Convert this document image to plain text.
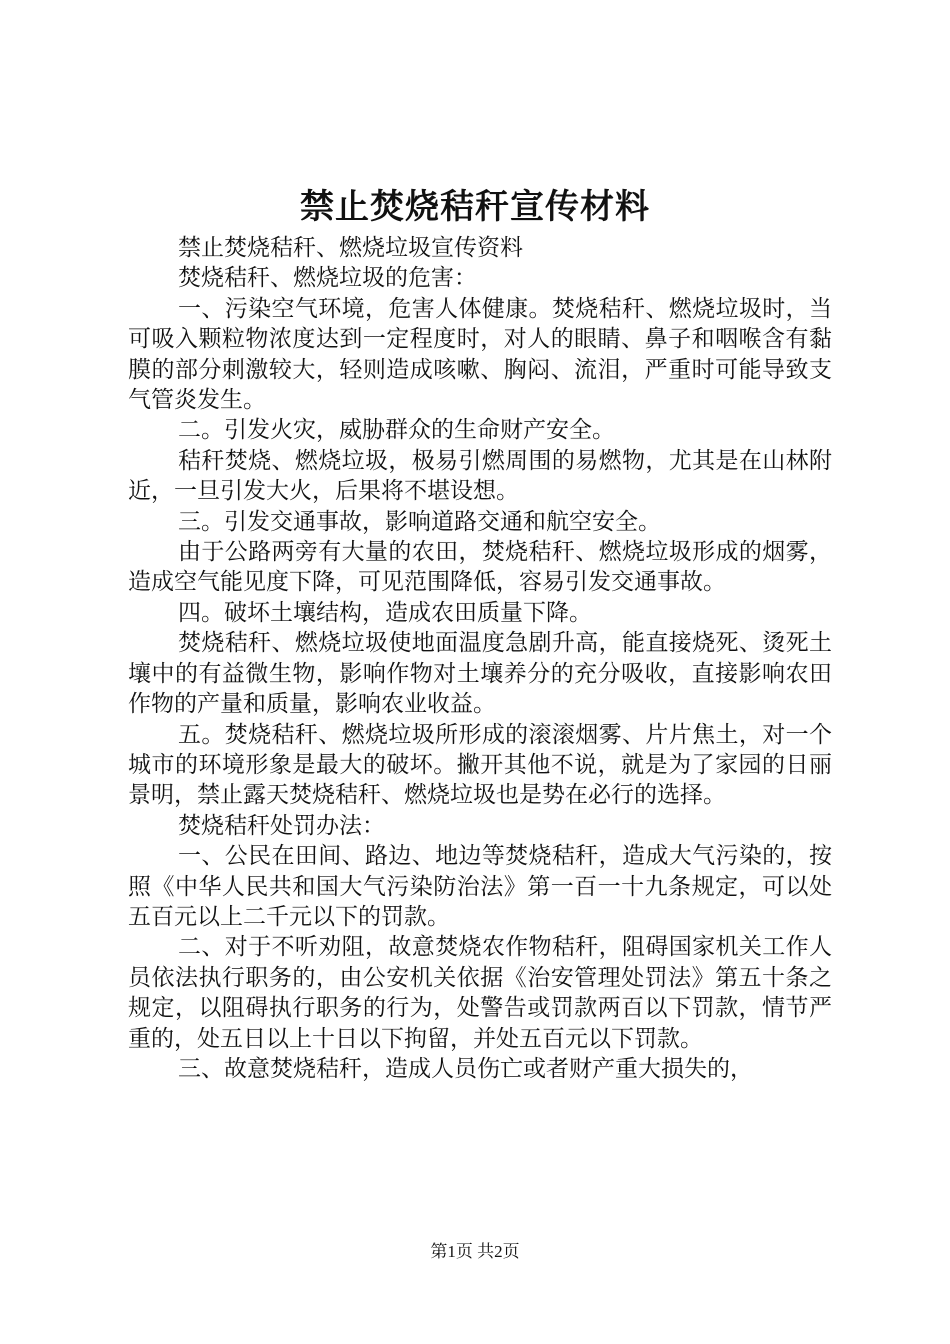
禁止焚烧秸秆宣传材料

禁止焚烧秸秆、燃烧垃圾宣传资料

焚烧秸秆、燃烧垃圾的危害：

一、污染空气环境，危害人体健康。焚烧秸秆、燃烧垃圾时，当可吸入颗粒物浓度达到一定程度时，对人的眼睛、鼻子和咽喉含有黏膜的部分刺激较大，轻则造成咳嗽、胸闷、流泪，严重时可能导致支气管炎发生。

二。引发火灾，威胁群众的生命财产安全。

秸秆焚烧、燃烧垃圾，极易引燃周围的易燃物，尤其是在山林附近，一旦引发大火，后果将不堪设想。

三。引发交通事故，影响道路交通和航空安全。

由于公路两旁有大量的农田，焚烧秸秆、燃烧垃圾形成的烟雾，造成空气能见度下降，可见范围降低，容易引发交通事故。

四。破坏土壤结构，造成农田质量下降。

焚烧秸秆、燃烧垃圾使地面温度急剧升高，能直接烧死、烫死土壤中的有益微生物，影响作物对土壤养分的充分吸收，直接影响农田作物的产量和质量，影响农业收益。

五。焚烧秸秆、燃烧垃圾所形成的滚滚烟雾、片片焦土，对一个城市的环境形象是最大的破坏。撇开其他不说，就是为了家园的日丽景明，禁止露天焚烧秸秆、燃烧垃圾也是势在必行的选择。

焚烧秸秆处罚办法：

一、公民在田间、路边、地边等焚烧秸秆，造成大气污染的，按照《中华人民共和国大气污染防治法》第一百一十九条规定，可以处五百元以上二千元以下的罚款。

二、对于不听劝阻，故意焚烧农作物秸秆，阻碍国家机关工作人员依法执行职务的，由公安机关依据《治安管理处罚法》第五十条之规定，以阻碍执行职务的行为，处警告或罚款两百以下罚款，情节严重的，处五日以上十日以下拘留，并处五百元以下罚款。

三、故意焚烧秸秆，造成人员伤亡或者财产重大损失的，

第1页 共2页
